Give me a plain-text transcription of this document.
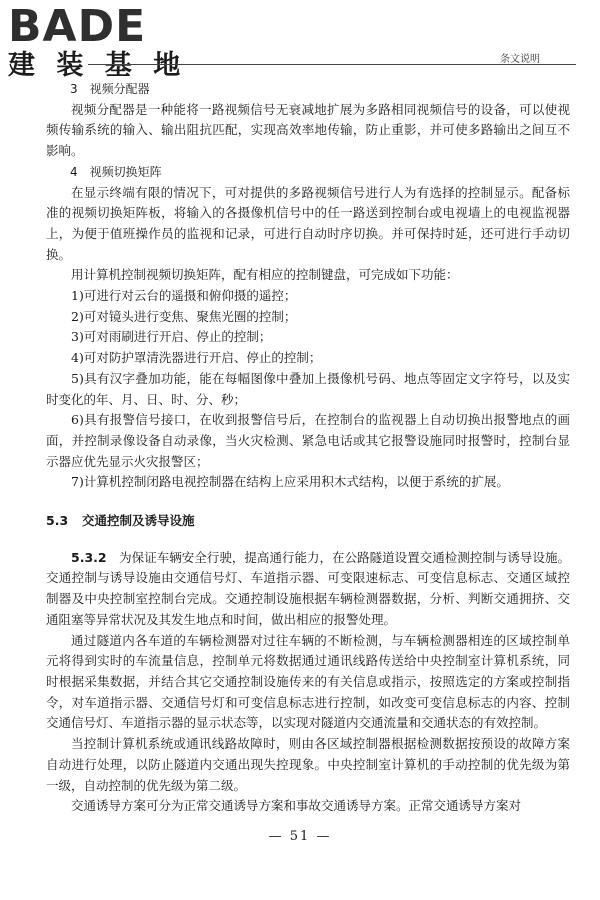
BADE
建 装 基 地	条文说明

3　视频分配器

视频分配器是一种能将一路视频信号无衰减地扩展为多路相同视频信号的设备，可以使视频传输系统的输入、输出阻抗匹配，实现高效率地传输，防止重影，并可使多路输出之间互不影响。

4　视频切换矩阵

在显示终端有限的情况下，可对提供的多路视频信号进行人为有选择的控制显示。配备标准的视频切换矩阵板，将输入的各摄像机信号中的任一路送到控制台或电视墙上的电视监视器上，为便于值班操作员的监视和记录，可进行自动时序切换。并可保持时延，还可进行手动切换。

用计算机控制视频切换矩阵，配有相应的控制键盘，可完成如下功能：

1)可进行对云台的遥摄和俯仰摄的遥控；

2)可对镜头进行变焦、聚焦光圈的控制；

3)可对雨刷进行开启、停止的控制；

4)可对防护罩清洗器进行开启、停止的控制；

5)具有汉字叠加功能，能在每幅图像中叠加上摄像机号码、地点等固定文字符号，以及实时变化的年、月、日、时、分、秒；

6)具有报警信号接口，在收到报警信号后，在控制台的监视器上自动切换出报警地点的画面，并控制录像设备自动录像，当火灾检测、紧急电话或其它报警设施同时报警时，控制台显示器应优先显示火灾报警区；

7)计算机控制闭路电视控制器在结构上应采用积木式结构，以便于系统的扩展。

5.3 交通控制及诱导设施

5.3.2　 为保证车辆安全行驶，提高通行能力，在公路隧道设置交通检测控制与诱导设施。交通控制与诱导设施由交通信号灯、车道指示器、可变限速标志、可变信息标志、交通区域控制器及中央控制室控制台完成。交通控制设施根据车辆检测器数据，分析、判断交通拥挤、交通阻塞等异常状况及其发生地点和时间，做出相应的报警处理。

通过隧道内各车道的车辆检测器对过往车辆的不断检测，与车辆检测器相连的区域控制单元将得到实时的车流量信息，控制单元将数据通过通讯线路传送给中央控制室计算机系统，同时根据采集数据，并结合其它交通控制设施传来的有关信息或指示，按照选定的方案或控制指令，对车道指示器、交通信号灯和可变信息标志进行控制，如改变可变信息标志的内容、控制交通信号灯、车道指示器的显示状态等，以实现对隧道内交通流量和交通状态的有效控制。

当控制计算机系统或通讯线路故障时，则由各区域控制器根据检测数据按预设的故障方案自动进行处理，以防止隧道内交通出现失控现象。中央控制室计算机的手动控制的优先级为第一级，自动控制的优先级为第二级。

交通诱导方案可分为正常交通诱导方案和事故交通诱导方案。正常交通诱导方案对

— 51 —
